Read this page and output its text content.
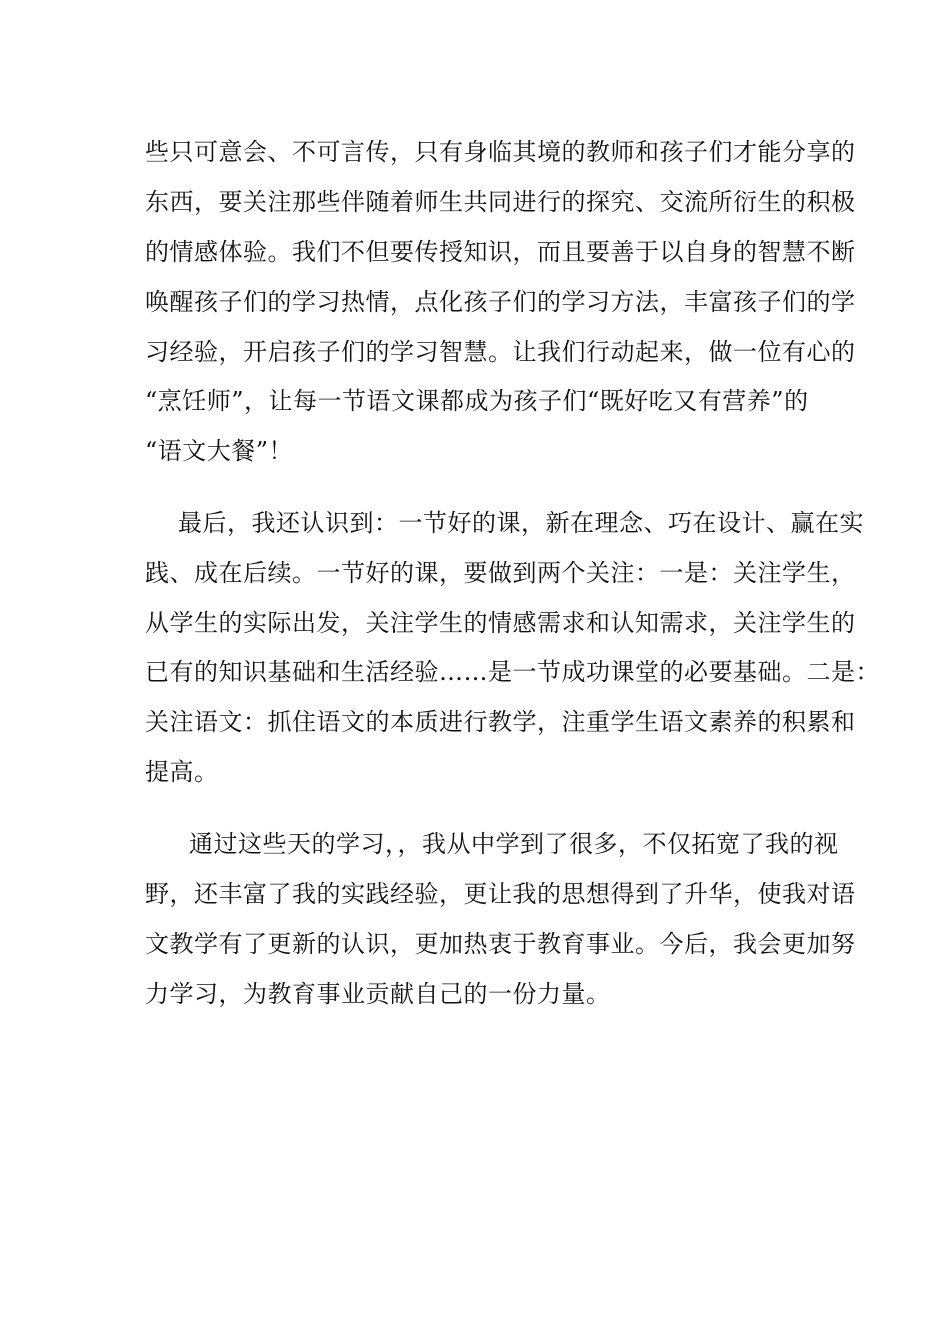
些只可意会、不可言传，只有身临其境的教师和孩子们才能分享的
东西，要关注那些伴随着师生共同进行的探究、交流所衍生的积极
的情感体验。我们不但要传授知识，而且要善于以自身的智慧不断
唤醒孩子们的学习热情，点化孩子们的学习方法，丰富孩子们的学
习经验，开启孩子们的学习智慧。让我们行动起来，做一位有心的
“烹饪师”，让每一节语文课都成为孩子们“既好吃又有营养”的
“语文大餐”！
最后，我还认识到：一节好的课，新在理念、巧在设计、赢在实
践、成在后续。一节好的课，要做到两个关注：一是：关注学生，
从学生的实际出发，关注学生的情感需求和认知需求，关注学生的
已有的知识基础和生活经验……是一节成功课堂的必要基础。二是：
关注语文：抓住语文的本质进行教学，注重学生语文素养的积累和
提高。
通过这些天的学习，，我从中学到了很多，不仅拓宽了我的视
野，还丰富了我的实践经验，更让我的思想得到了升华，使我对语
文教学有了更新的认识，更加热衷于教育事业。今后，我会更加努
力学习，为教育事业贡献自己的一份力量。
